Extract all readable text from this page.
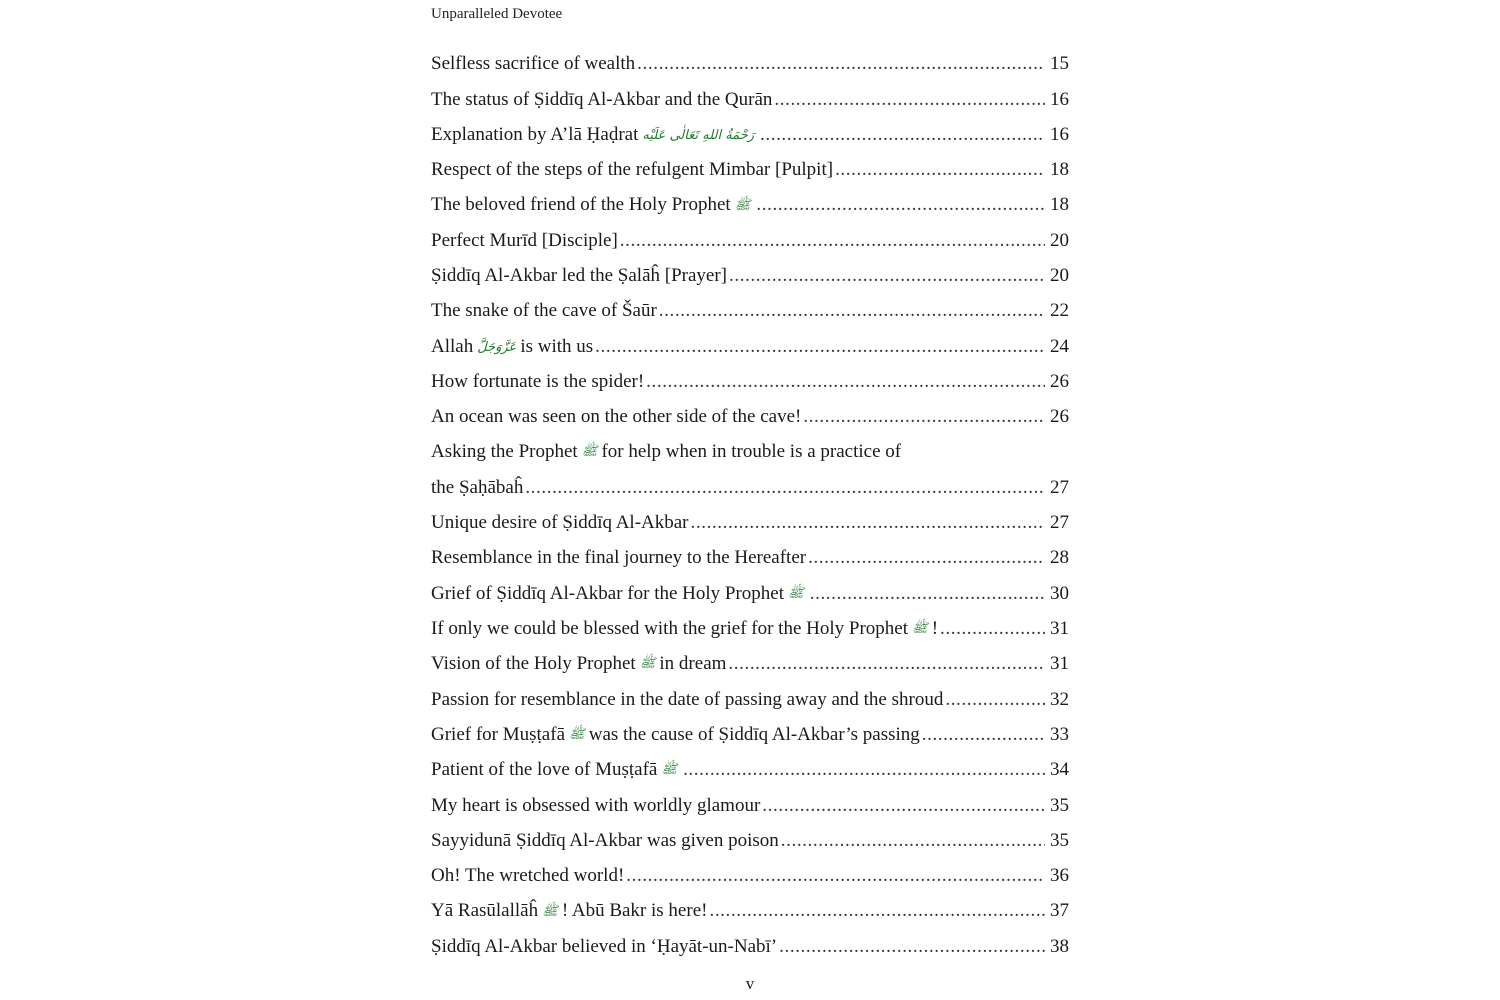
Unparalleled Devotee
Selfless sacrifice of wealth .....	15
The status of Ṣiddīq Al-Akbar and the Qurān .....	16
Explanation by A’lā Ḥaḍrat رَحْمَةُ اللهِ تَعَالٰی عَلَیْه .....	16
Respect of the steps of the refulgent Mimbar [Pulpit] .....	18
The beloved friend of the Holy Prophet ﷺ .....	18
Perfect Murīd [Disciple] .....	20
Ṣiddīq Al-Akbar led the Ṣalāĥ [Prayer] .....	20
The snake of the cave of Šaūr .....	22
Allah عَزَّوَجَلَّ is with us .....	24
How fortunate is the spider! .....	26
An ocean was seen on the other side of the cave! .....	26
Asking the Prophet ﷺ for help when in trouble is a practice of
the Ṣaḥābaĥ .....	27
Unique desire of Ṣiddīq Al-Akbar .....	27
Resemblance in the final journey to the Hereafter .....	28
Grief of Ṣiddīq Al-Akbar for the Holy Prophet ﷺ .....	30
If only we could be blessed with the grief for the Holy Prophet ﷺ ! .....	31
Vision of the Holy Prophet ﷺ in dream .....	31
Passion for resemblance in the date of passing away and the shroud .....	32
Grief for Muṣṭafā ﷺ was the cause of Ṣiddīq Al-Akbar’s passing .....	33
Patient of the love of Muṣṭafā ﷺ .....	34
My heart is obsessed with worldly glamour .....	35
Sayyidunā Ṣiddīq Al-Akbar was given poison .....	35
Oh! The wretched world! .....	36
Yā Rasūlallāĥ ﷺ ! Abū Bakr is here! .....	37
Ṣiddīq Al-Akbar believed in ‘Ḥayāt-un-Nabī’ .....	38
v
